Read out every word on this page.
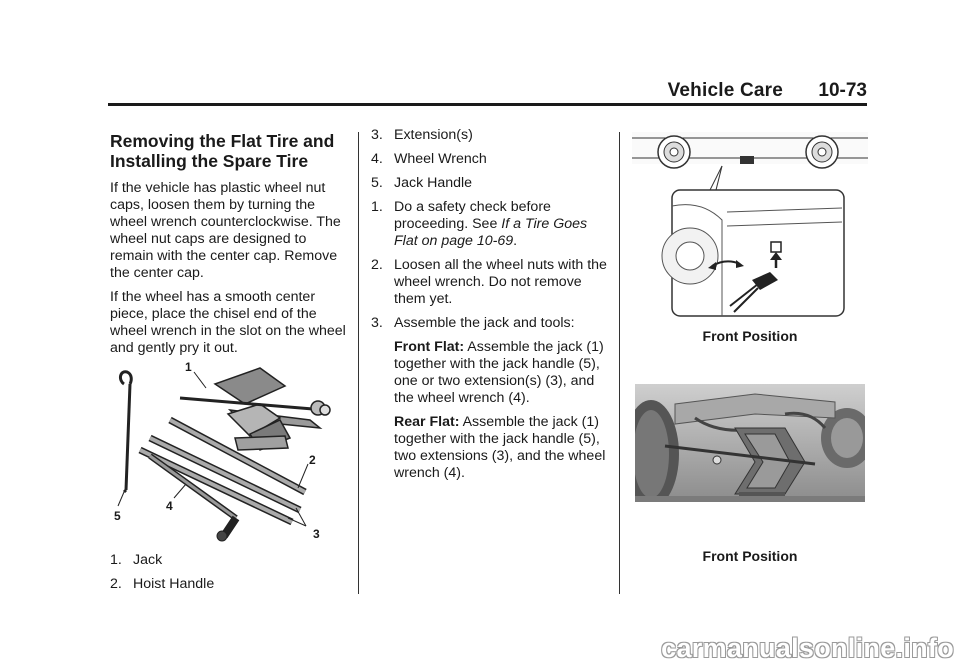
Vehicle Care 10-73
Removing the Flat Tire and Installing the Spare Tire

If the vehicle has plastic wheel nut caps, loosen them by turning the wheel wrench counterclockwise. The wheel nut caps are designed to remain with the center cap. Remove the center cap.

If the wheel has a smooth center piece, place the chisel end of the wheel wrench in the slot on the wheel and gently pry it out.

1
2
3
4
5
1. Jack
2. Hoist Handle
3. Extension(s)
4. Wheel Wrench
5. Jack Handle
1. Do a safety check before proceeding. See If a Tire Goes Flat on page 10-69.
2. Loosen all the wheel nuts with the wheel wrench. Do not remove them yet.
3. Assemble the jack and tools:
Front Flat: Assemble the jack (1) together with the jack handle (5), one or two extension(s) (3), and the wheel wrench (4).
Rear Flat: Assemble the jack (1) together with the jack handle (5), two extensions (3), and the wheel wrench (4).
Front Position
Front Position
carmanualsonline.info
